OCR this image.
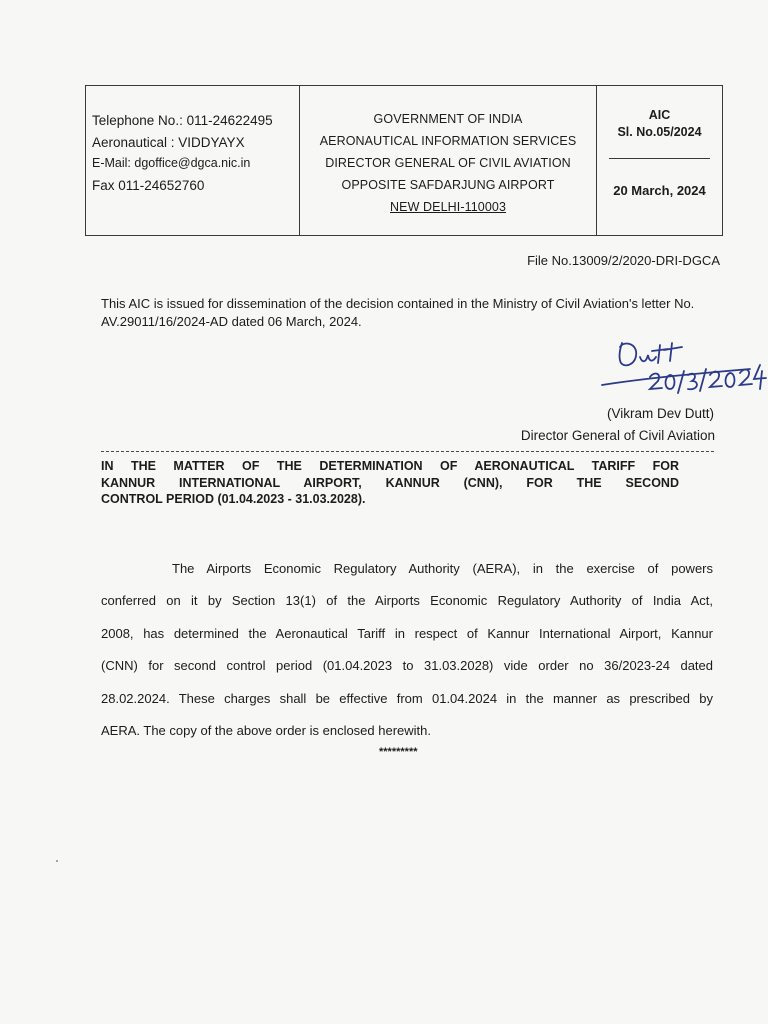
Telephone No.: 011-24622495
Aeronautical : VIDDYAYX
E-Mail: dgoffice@dgca.nic.in
Fax 011-24652760
GOVERNMENT OF INDIA
AERONAUTICAL INFORMATION SERVICES
DIRECTOR GENERAL OF CIVIL AVIATION
OPPOSITE SAFDARJUNG AIRPORT
NEW DELHI-110003
AIC
Sl. No.05/2024
20 March, 2024
File No.13009/2/2020-DRI-DGCA
This AIC is issued for dissemination of the decision contained in the Ministry of Civil Aviation's letter No. AV.29011/16/2024-AD dated 06 March, 2024.
(Vikram Dev Dutt)
Director General of Civil Aviation
IN THE MATTER OF THE DETERMINATION OF AERONAUTICAL TARIFF FOR
KANNUR INTERNATIONAL AIRPORT, KANNUR (CNN), FOR THE SECOND
CONTROL PERIOD (01.04.2023 - 31.03.2028).
The Airports Economic Regulatory Authority (AERA), in the exercise of powers
conferred on it by Section 13(1) of the Airports Economic Regulatory Authority of India Act,
2008, has determined the Aeronautical Tariff in respect of Kannur International Airport, Kannur
(CNN) for second control period (01.04.2023 to 31.03.2028) vide order no 36/2023-24 dated
28.02.2024. These charges shall be effective from 01.04.2024 in the manner as prescribed by
AERA. The copy of the above order is enclosed herewith.
*********
